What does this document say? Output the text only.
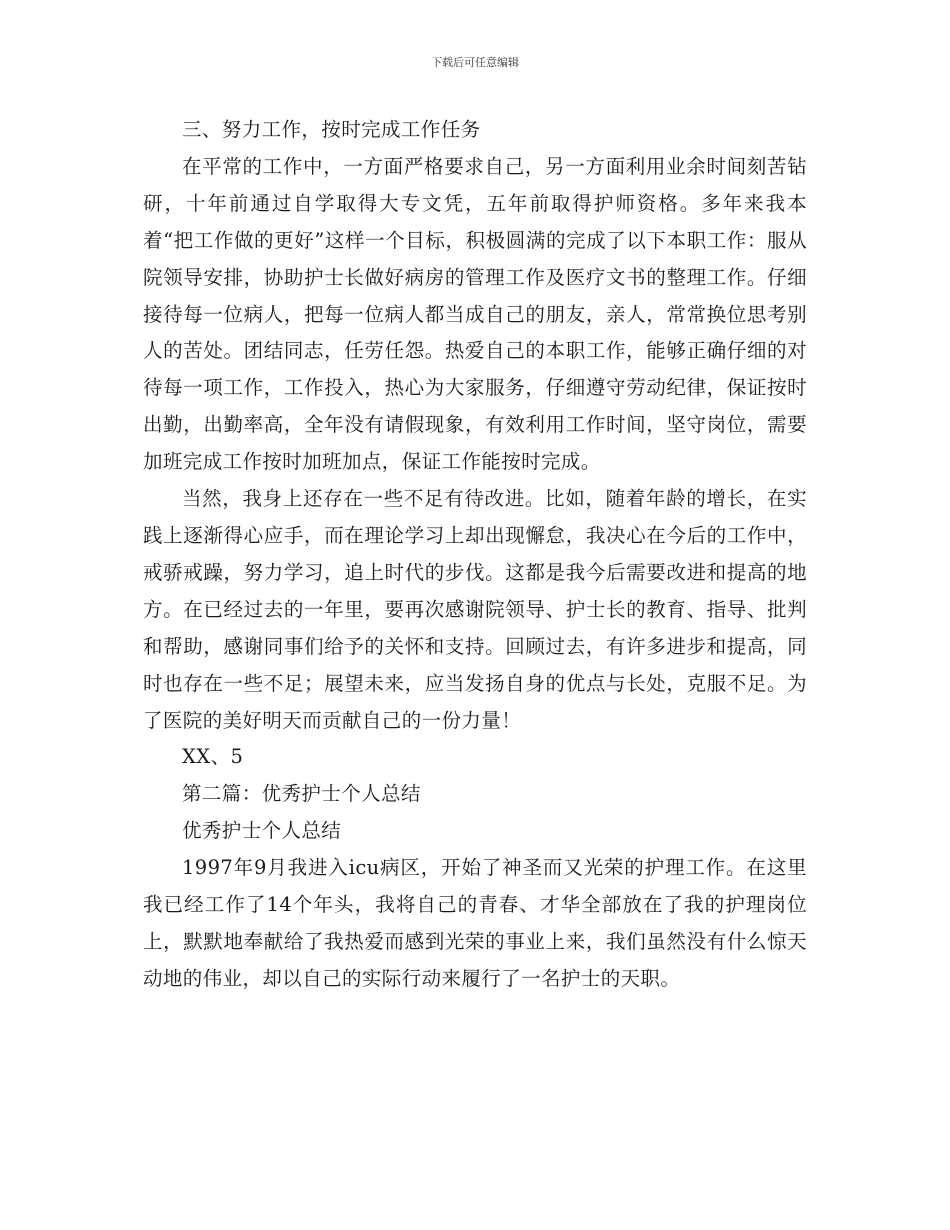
下载后可任意编辑

三、努力工作，按时完成工作任务

在平常的工作中，一方面严格要求自己，另一方面利用业余时间刻苦钻研，十年前通过自学取得大专文凭，五年前取得护师资格。多年来我本着“把工作做的更好”这样一个目标，积极圆满的完成了以下本职工作：服从院领导安排，协助护士长做好病房的管理工作及医疗文书的整理工作。仔细接待每一位病人，把每一位病人都当成自己的朋友，亲人，常常换位思考别人的苦处。团结同志，任劳任怨。热爱自己的本职工作，能够正确仔细的对待每一项工作，工作投入，热心为大家服务，仔细遵守劳动纪律，保证按时出勤，出勤率高，全年没有请假现象，有效利用工作时间，坚守岗位，需要加班完成工作按时加班加点，保证工作能按时完成。

当然，我身上还存在一些不足有待改进。比如，随着年龄的增长，在实践上逐渐得心应手，而在理论学习上却出现懈怠，我决心在今后的工作中，戒骄戒躁，努力学习，追上时代的步伐。这都是我今后需要改进和提高的地方。在已经过去的一年里，要再次感谢院领导、护士长的教育、指导、批判和帮助，感谢同事们给予的关怀和支持。回顾过去，有许多进步和提高，同时也存在一些不足；展望未来，应当发扬自身的优点与长处，克服不足。为了医院的美好明天而贡献自己的一份力量！

XX、5

第二篇：优秀护士个人总结

优秀护士个人总结

1997年9月我进入icu病区，开始了神圣而又光荣的护理工作。在这里我已经工作了14个年头，我将自己的青春、才华全部放在了我的护理岗位上，默默地奉献给了我热爱而感到光荣的事业上来，我们虽然没有什么惊天动地的伟业，却以自己的实际行动来履行了一名护士的天职。
